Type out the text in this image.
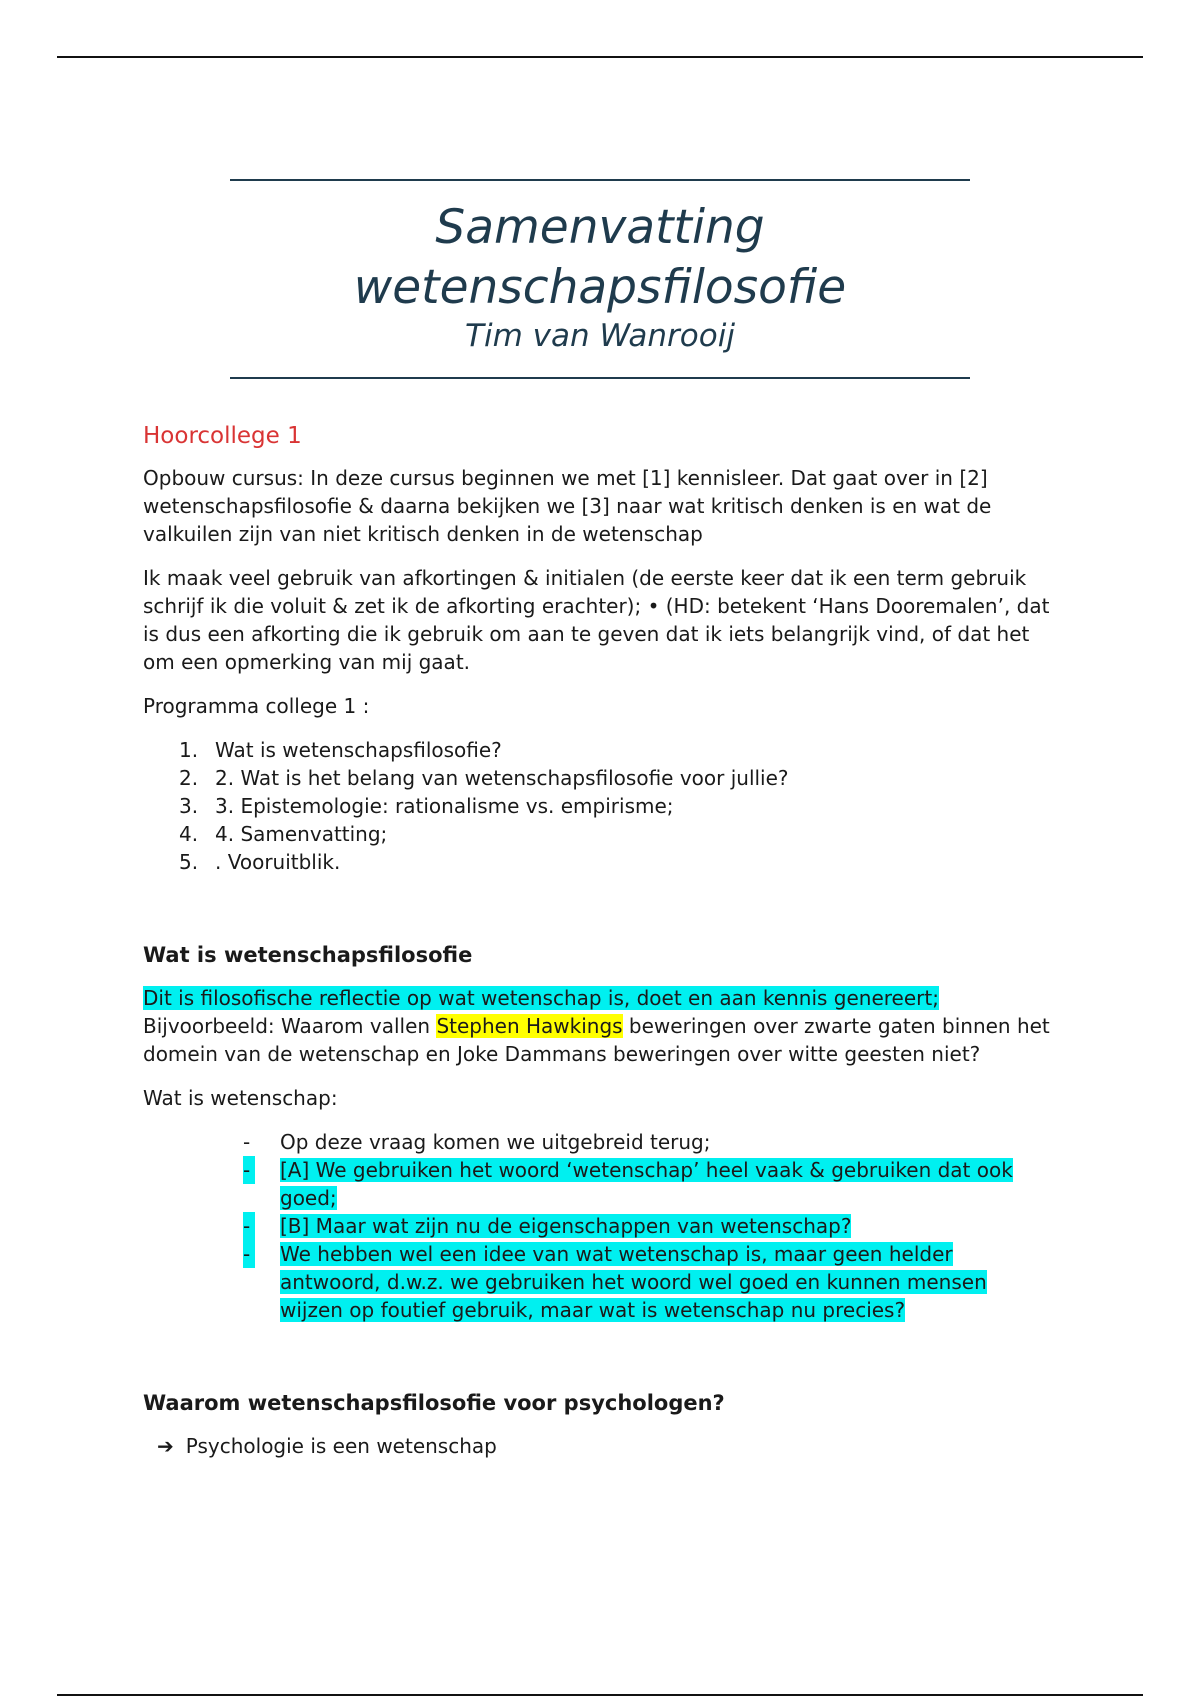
Samenvatting
wetenschapsfilosofie
Tim van Wanrooij
Hoorcollege 1

Opbouw cursus: In deze cursus beginnen we met [1] kennisleer. Dat gaat over in [2] wetenschapsfilosofie & daarna bekijken we [3] naar wat kritisch denken is en wat de valkuilen zijn van niet kritisch denken in de wetenschap

Ik maak veel gebruik van afkortingen & initialen (de eerste keer dat ik een term gebruik schrijf ik die voluit & zet ik de afkorting erachter); • (HD: betekent ‘Hans Dooremalen’, dat is dus een afkorting die ik gebruik om aan te geven dat ik iets belangrijk vind, of dat het om een opmerking van mij gaat.

Programma college 1 :

1. Wat is wetenschapsfilosofie?
2. 2. Wat is het belang van wetenschapsfilosofie voor jullie?
3. 3. Epistemologie: rationalisme vs. empirisme;
4. 4. Samenvatting;
5. . Vooruitblik.
Wat is wetenschapsfilosofie

Dit is filosofische reflectie op wat wetenschap is, doet en aan kennis genereert;
Bijvoorbeeld: Waarom vallen Stephen Hawkings beweringen over zwarte gaten binnen het domein van de wetenschap en Joke Dammans beweringen over witte geesten niet?

Wat is wetenschap:

- Op deze vraag komen we uitgebreid terug;
- [A] We gebruiken het woord ‘wetenschap’ heel vaak & gebruiken dat ook goed;
- [B] Maar wat zijn nu de eigenschappen van wetenschap?
- We hebben wel een idee van wat wetenschap is, maar geen helder antwoord, d.w.z. we gebruiken het woord wel goed en kunnen mensen wijzen op foutief gebruik, maar wat is wetenschap nu precies?
Waarom wetenschapsfilosofie voor psychologen?
➔ Psychologie is een wetenschap
